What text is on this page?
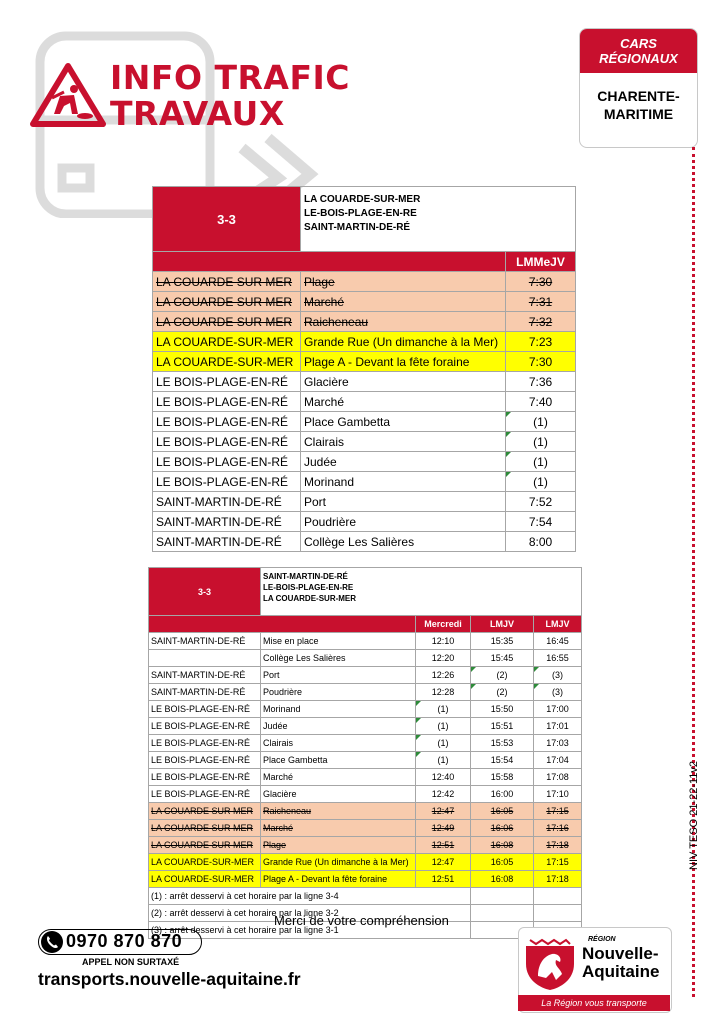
INFO TRAFIC
TRAVAUX
CARS RÉGIONAUX
CHARENTE-MARITIME
3-3	LA COUARDE-SUR-MER
LE-BOIS-PLAGE-EN-RE
SAINT-MARTIN-DE-RÉ	

		LMMeJV
LA COUARDE SUR MER	Plage	7:30
LA COUARDE SUR MER	Marché	7:31
LA COUARDE SUR MER	Raicheneau	7:32
LA COUARDE-SUR-MER	Grande Rue (Un dimanche à la Mer)	7:23
LA COUARDE-SUR-MER	Plage A - Devant la fête foraine	7:30
LE BOIS-PLAGE-EN-RÉ	Glacière	7:36
LE BOIS-PLAGE-EN-RÉ	Marché	7:40
LE BOIS-PLAGE-EN-RÉ	Place Gambetta	(1)
LE BOIS-PLAGE-EN-RÉ	Clairais	(1)
LE BOIS-PLAGE-EN-RÉ	Judée	(1)
LE BOIS-PLAGE-EN-RÉ	Morinand	(1)
SAINT-MARTIN-DE-RÉ	Port	7:52
SAINT-MARTIN-DE-RÉ	Poudrière	7:54
SAINT-MARTIN-DE-RÉ	Collège Les Salières	8:00
3-3	SAINT-MARTIN-DE-RÉ
LE-BOIS-PLAGE-EN-RE
LA COUARDE-SUR-MER			

		Mercredi	LMJV	LMJV
SAINT-MARTIN-DE-RÉ	Mise en place	12:10	15:35	16:45
	Collège Les Salières	12:20	15:45	16:55
SAINT-MARTIN-DE-RÉ	Port	12:26	(2)	(3)
SAINT-MARTIN-DE-RÉ	Poudrière	12:28	(2)	(3)
LE BOIS-PLAGE-EN-RÉ	Morinand	(1)	15:50	17:00
LE BOIS-PLAGE-EN-RÉ	Judée	(1)	15:51	17:01
LE BOIS-PLAGE-EN-RÉ	Clairais	(1)	15:53	17:03
LE BOIS-PLAGE-EN-RÉ	Place Gambetta	(1)	15:54	17:04
LE BOIS-PLAGE-EN-RÉ	Marché	12:40	15:58	17:08
LE BOIS-PLAGE-EN-RÉ	Glacière	12:42	16:00	17:10
LA COUARDE SUR MER	Raicheneau	12:47	16:05	17:15
LA COUARDE SUR MER	Marché	12:49	16:06	17:16
LA COUARDE SUR MER	Plage	12:51	16:08	17:18
LA COUARDE-SUR-MER	Grande Rue (Un dimanche à la Mer)	12:47	16:05	17:15
LA COUARDE-SUR-MER	Plage A - Devant la fête foraine	12:51	16:08	17:18
(1) : arrêt desservi à cet horaire par la ligne 3-4				
(2) : arrêt desservi à cet horaire par la ligne 3-2				
(3) : arrêt desservi à cet horaire par la ligne 3-1				
Merci de votre compréhension
0970 870 870
APPEL NON SURTAXÉ
transports.nouvelle-aquitaine.fr
RÉGION
Nouvelle-
Aquitaine
La Région vous transporte
NIV TESO 21-22-11v2
